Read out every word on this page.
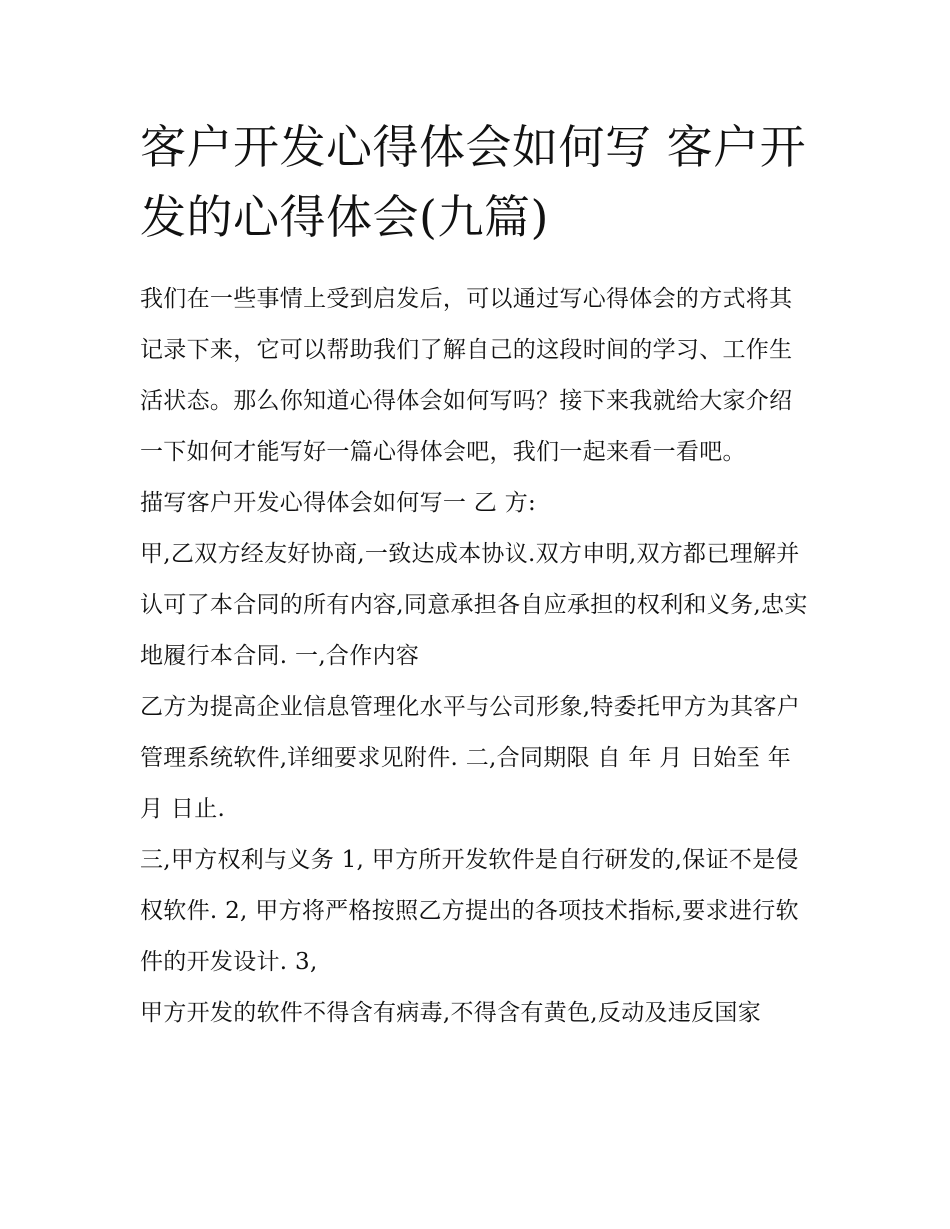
客户开发心得体会如何写 客户开发的心得体会(九篇)

我们在一些事情上受到启发后，可以通过写心得体会的方式将其记录下来，它可以帮助我们了解自己的这段时间的学习、工作生活状态。那么你知道心得体会如何写吗？接下来我就给大家介绍一下如何才能写好一篇心得体会吧，我们一起来看一看吧。

描写客户开发心得体会如何写一 乙 方:

甲,乙双方经友好协商,一致达成本协议.双方申明,双方都已理解并认可了本合同的所有内容,同意承担各自应承担的权利和义务,忠实地履行本合同. 一,合作内容

乙方为提高企业信息管理化水平与公司形象,特委托甲方为其客户管理系统软件,详细要求见附件. 二,合同期限 自 年 月 日始至 年 月 日止.

三,甲方权利与义务 1, 甲方所开发软件是自行研发的,保证不是侵权软件. 2, 甲方将严格按照乙方提出的各项技术指标,要求进行软件的开发设计. 3,

甲方开发的软件不得含有病毒,不得含有黄色,反动及违反国家
